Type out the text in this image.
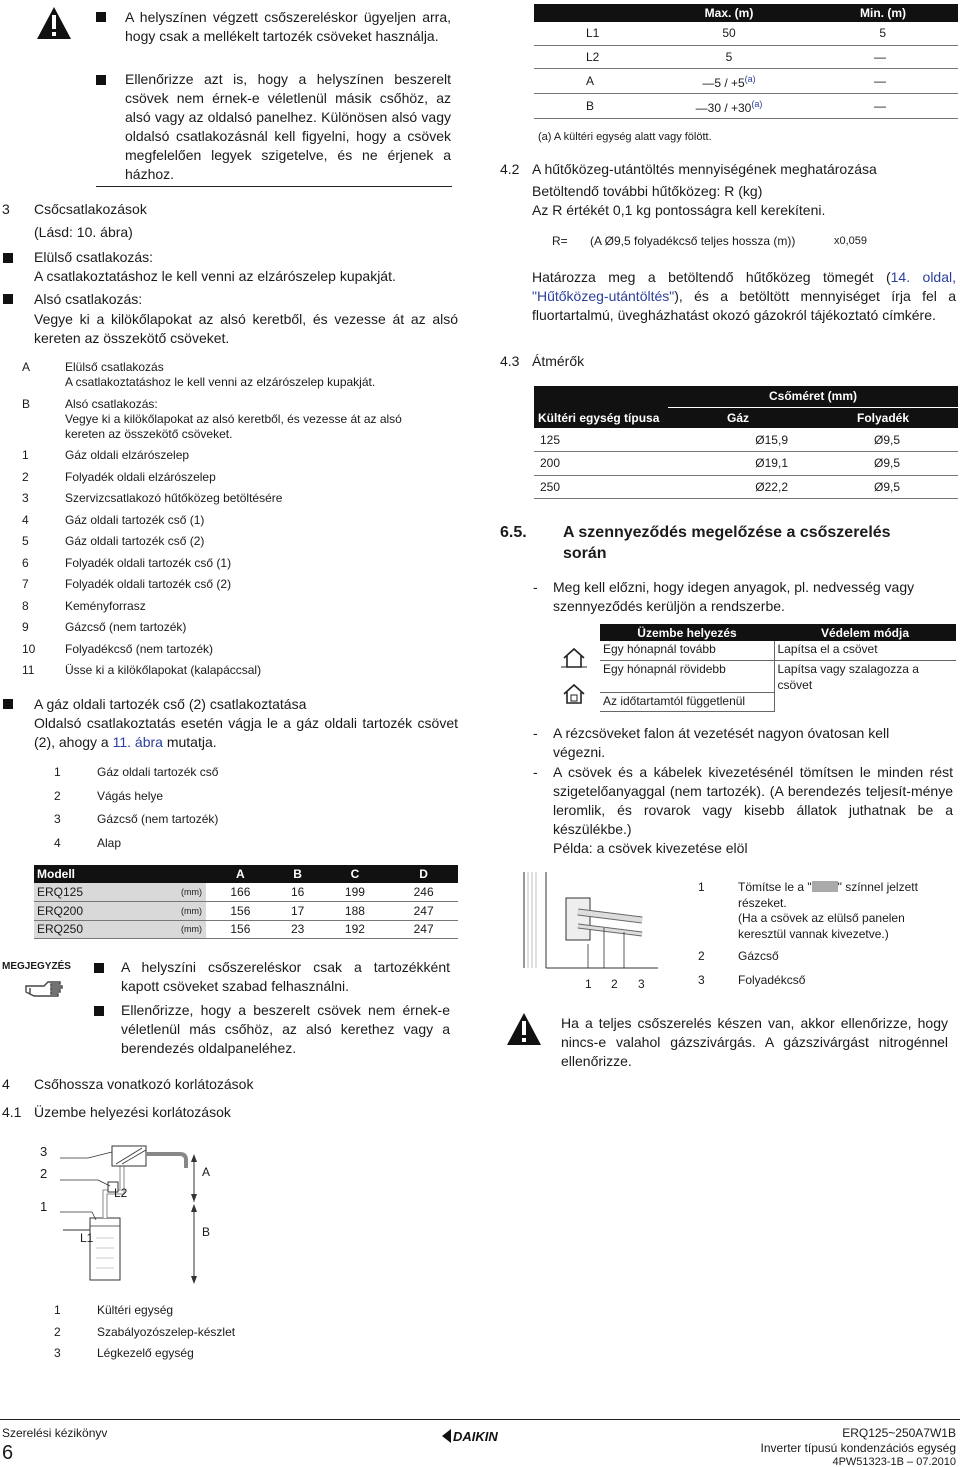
A helyszínen végzett csőszereléskor ügyeljen arra, hogy csak a mellékelt tartozék csöveket használja.
Ellenőrizze azt is, hogy a helyszínen beszerelt csövek nem érnek-e véletlenül másik csőhöz, az alsó vagy az oldalsó panelhez. Különösen alsó vagy oldalsó csatlakozásnál kell figyelni, hogy a csövek megfelelően legyek szigetelve, és ne érjenek a házhoz.
3 Csőcsatlakozások
(Lásd: 10. ábra)
Elülső csatlakozás:
A csatlakoztatáshoz le kell venni az elzárószelep kupakját.
Alsó csatlakozás:
Vegye ki a kilökőlapokat az alsó keretből, és vezesse át az alsó kereten az összekötő csöveket.
A	Elülső csatlakozás
A csatlakoztatáshoz le kell venni az elzárószelep kupakját.
B	Alsó csatlakozás:
Vegye ki a kilökőlapokat az alsó keretből, és vezesse át az alsó
kereten az összekötő csöveket.
1	Gáz oldali elzárószelep
2	Folyadék oldali elzárószelep
3	Szervizcsatlakozó hűtőközeg betöltésére
4	Gáz oldali tartozék cső (1)
5	Gáz oldali tartozék cső (2)
6	Folyadék oldali tartozék cső (1)
7	Folyadék oldali tartozék cső (2)
8	Keményforrasz
9	Gázcső (nem tartozék)
10 Folyadékcső (nem tartozék)
11	Üsse ki a kilökőlapokat (kalapáccsal)
A gáz oldali tartozék cső (2) csatlakoztatása
Oldalsó csatlakoztatás esetén vágja le a gáz oldali tartozék csövet (2), ahogy a 11. ábra mutatja.
1	Gáz oldali tartozék cső
2	Vágás helye
3	Gázcső (nem tartozék)
4	Alap
Modell		A	B	C	D
ERQ125	(mm)	166	16	199	246
ERQ200	(mm)	156	17	188	247
ERQ250	(mm)	156	23	192	247
MEGJEGYZÉS	A helyszíni csőszereléskor csak a tartozékként kapott csöveket szabad felhasználni.
Ellenőrizze, hogy a beszerelt csövek nem érnek-e véletlenül más csőhöz, az alsó kerethez vagy a berendezés oldalpaneléhez.
4 Csőhossza vonatkozó korlátozások
4.1 Üzembe helyezési korlátozások
3
2
1
L1
L2
A
B
1	Kültéri egység
2	Szabályozószelep-készlet
3	Légkezelő egység
	Max. (m)	Min. (m)
L1	50	5
L2	5	—
A	—5 / $+5^{(a)}$	—
B	—30 / $+30^{(a)}$	—
(a) A kültéri egység alatt vagy fölött.
4.2 A hűtőközeg-utántöltés mennyiségének meghatározása
Betöltendő további hűtőközeg: R (kg)
Az R értékét 0,1 kg pontosságra kell kerekíteni.
R= (A Ø9,5 folyadékcső teljes hossza (m))	x0,059
Határozza meg a betöltendő hűtőközeg tömegét (14. oldal, "Hűtőközeg-utántöltés"), és a betöltött mennyiséget írja fel a fluortartalmú, üvegházhatást okozó gázokról tájékoztató címkére.
4.3 Átmérők
	Csőméret (mm)	
Kültéri egység típusa	Gáz	Folyadék
125	Ø15,9	Ø9,5
200	Ø19,1	Ø9,5
250	Ø22,2	Ø9,5
6.5. A szennyeződés megelőzése a csőszerelés
során
- Meg kell előzni, hogy idegen anyagok, pl. nedvesség vagy szennyeződés kerüljön a rendszerbe.
Üzembe helyezés	Védelem módja
Egy hónapnál tovább	Lapítsa el a csövet
Egy hónapnál rövidebb	Lapítsa vagy szalagozza a csövet
Az időtartamtól függetlenül	
- A rézcsöveket falon át vezetését nagyon óvatosan kell végezni.
- A csövek és a kábelek kivezetésénél tömítsen le minden rést szigetelőanyaggal (nem tartozék). (A berendezés teljesít-ménye leromlik, és rovarok vagy kisebb állatok juthatnak be a készülékbe.)
Példa: a csövek kivezetése elöl
1 2 3
1	Tömítse le a " " színnel jelzett részeket.
(Ha a csövek az elülső panelen keresztül vannak kivezetve.)
2	Gázcső
3	Folyadékcső
Ha a teljes csőszerelés készen van, akkor ellenőrizze, hogy nincs-e valahol gázszivárgás. A gázszivárgást nitrogénnel ellenőrizze.
Szerelési kézikönyv
6
DAIKIN	ERQ125~250A7W1B
Inverter típusú kondenzációs egység
4PW51323-1B – 07.2010
